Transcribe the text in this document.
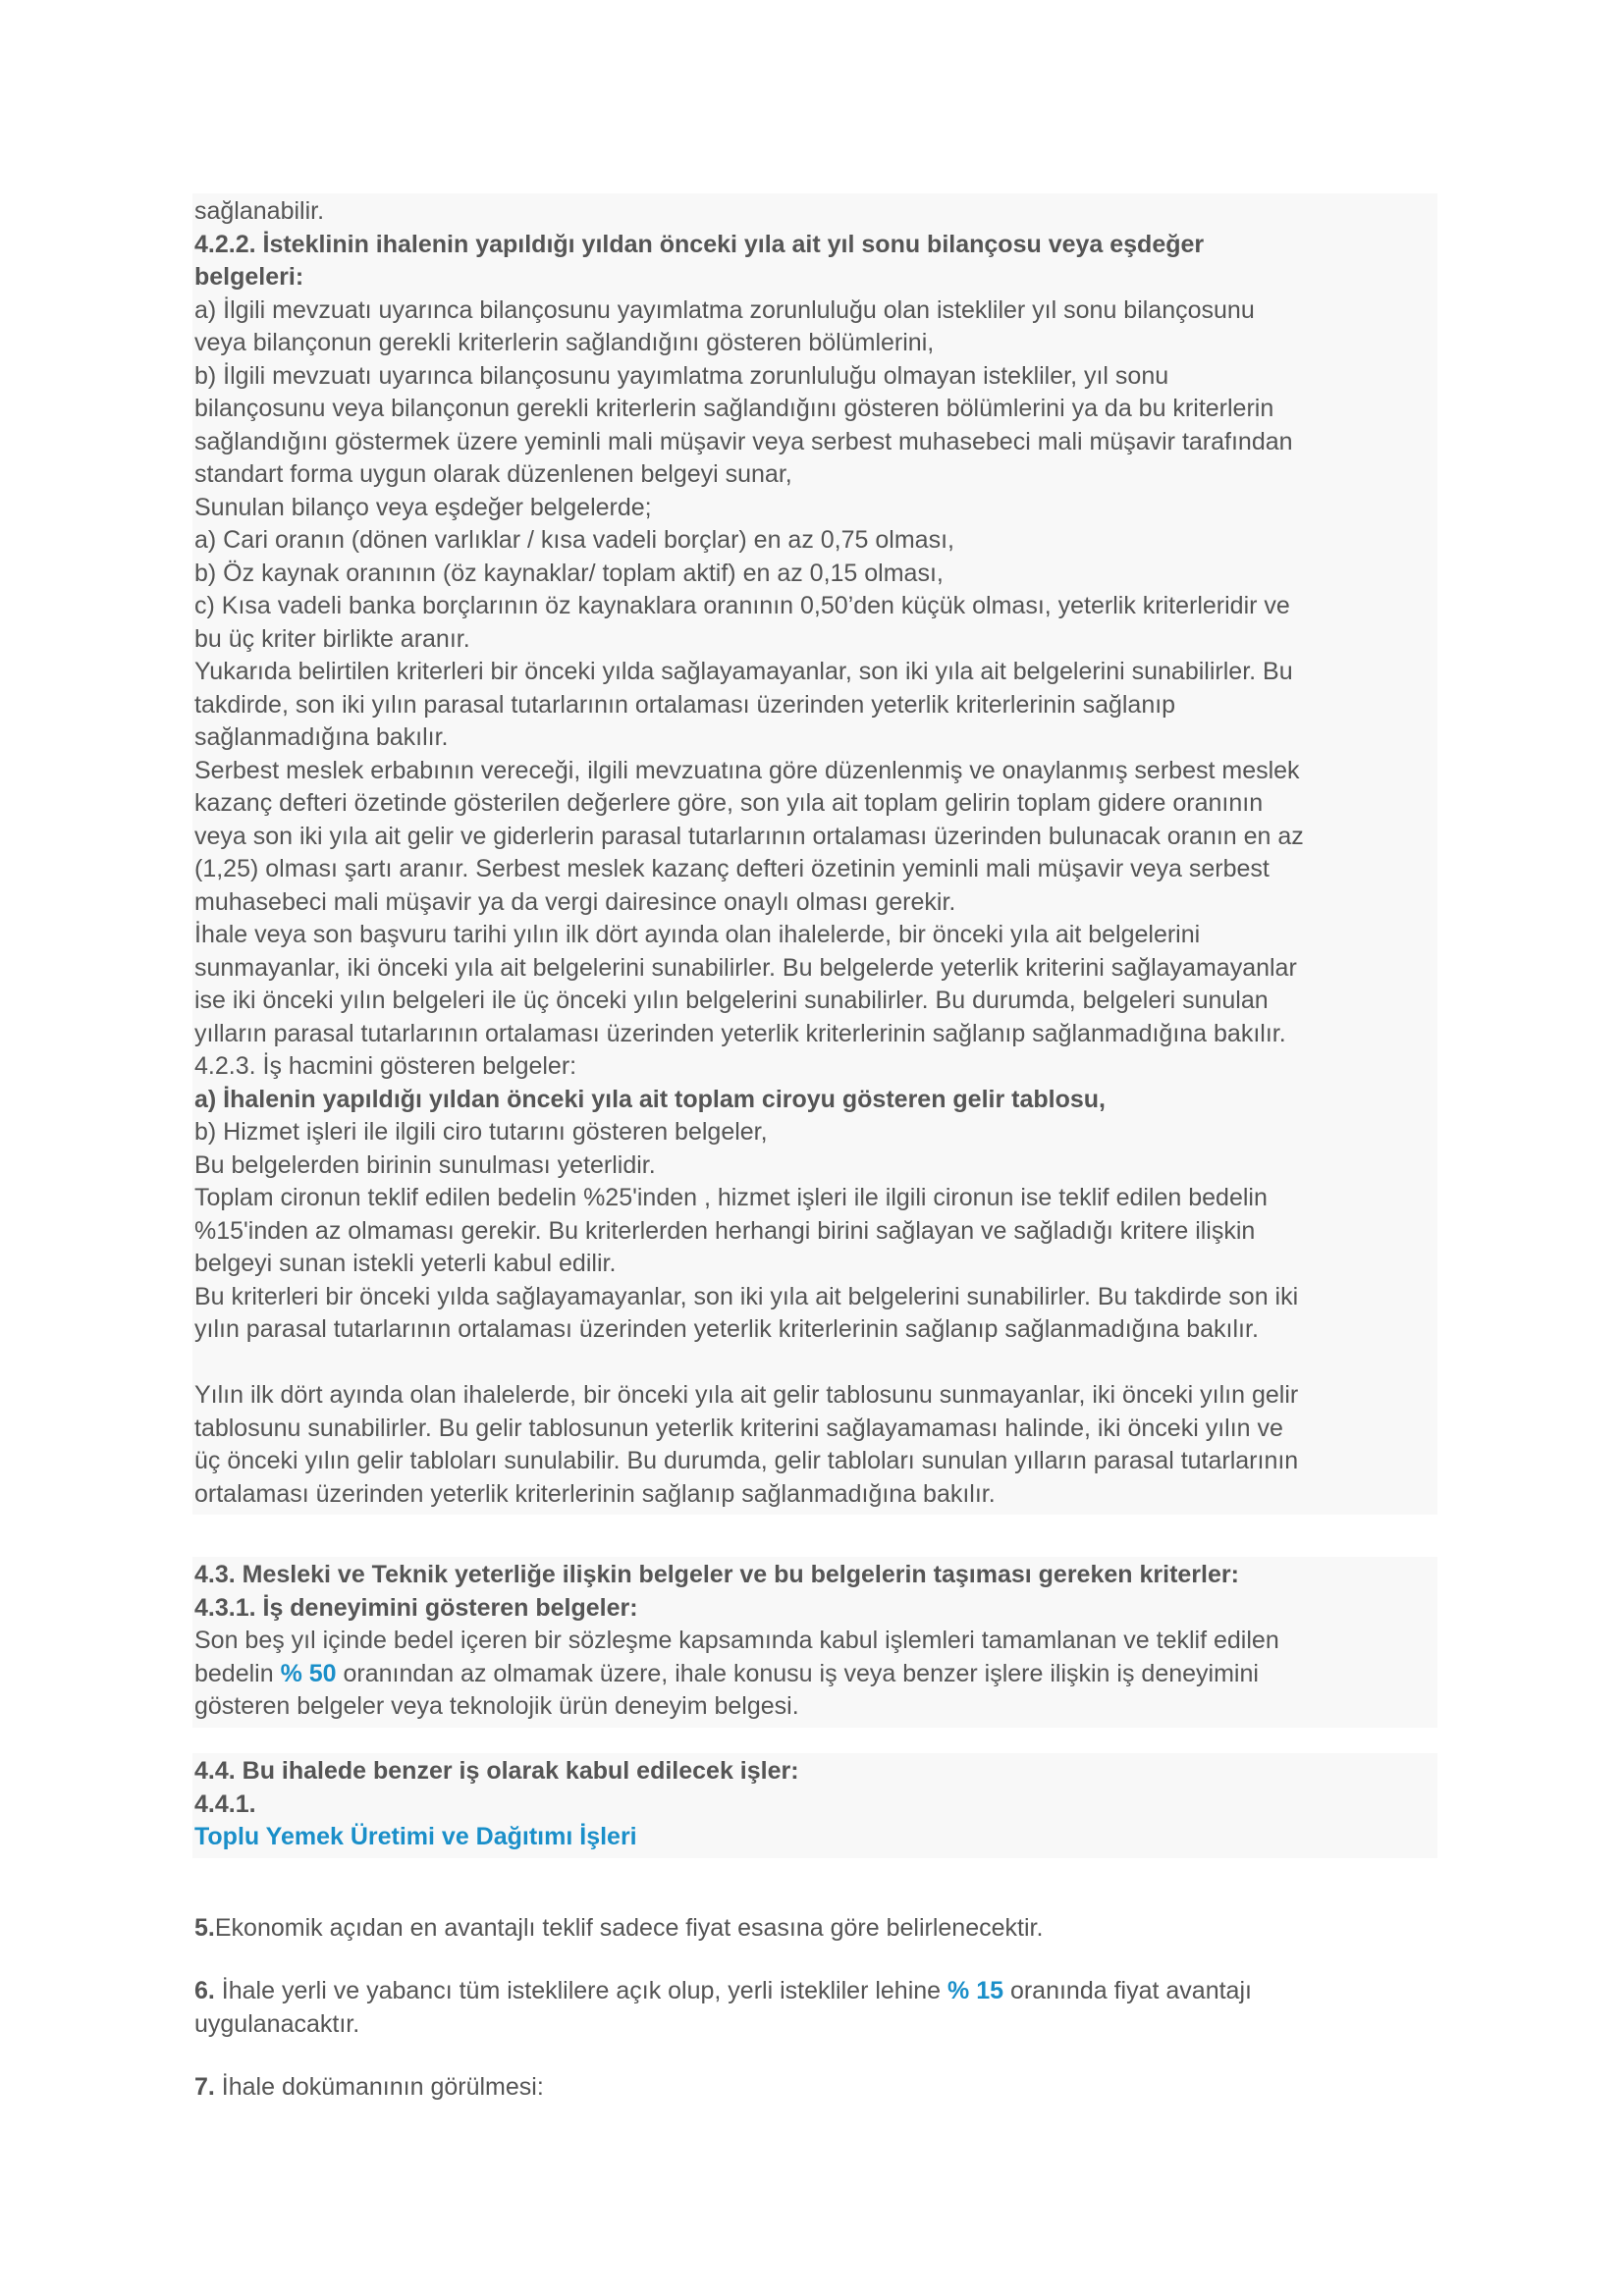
sağlanabilir.
4.2.2. İsteklinin ihalenin yapıldığı yıldan önceki yıla ait yıl sonu bilançosu veya eşdeğer
belgeleri:
a) İlgili mevzuatı uyarınca bilançosunu yayımlatma zorunluluğu olan istekliler yıl sonu bilançosunu
veya bilançonun gerekli kriterlerin sağlandığını gösteren bölümlerini,
b) İlgili mevzuatı uyarınca bilançosunu yayımlatma zorunluluğu olmayan istekliler, yıl sonu
bilançosunu veya bilançonun gerekli kriterlerin sağlandığını gösteren bölümlerini ya da bu kriterlerin
sağlandığını göstermek üzere yeminli mali müşavir veya serbest muhasebeci mali müşavir tarafından
standart forma uygun olarak düzenlenen belgeyi sunar,
Sunulan bilanço veya eşdeğer belgelerde;
a) Cari oranın (dönen varlıklar / kısa vadeli borçlar) en az 0,75 olması,
b) Öz kaynak oranının (öz kaynaklar/ toplam aktif) en az 0,15 olması,
c) Kısa vadeli banka borçlarının öz kaynaklara oranının 0,50’den küçük olması, yeterlik kriterleridir ve
bu üç kriter birlikte aranır.
Yukarıda belirtilen kriterleri bir önceki yılda sağlayamayanlar, son iki yıla ait belgelerini sunabilirler. Bu
takdirde, son iki yılın parasal tutarlarının ortalaması üzerinden yeterlik kriterlerinin sağlanıp
sağlanmadığına bakılır.
Serbest meslek erbabının vereceği, ilgili mevzuatına göre düzenlenmiş ve onaylanmış serbest meslek
kazanç defteri özetinde gösterilen değerlere göre, son yıla ait toplam gelirin toplam gidere oranının
veya son iki yıla ait gelir ve giderlerin parasal tutarlarının ortalaması üzerinden bulunacak oranın en az
(1,25) olması şartı aranır. Serbest meslek kazanç defteri özetinin yeminli mali müşavir veya serbest
muhasebeci mali müşavir ya da vergi dairesince onaylı olması gerekir.
İhale veya son başvuru tarihi yılın ilk dört ayında olan ihalelerde, bir önceki yıla ait belgelerini
sunmayanlar, iki önceki yıla ait belgelerini sunabilirler. Bu belgelerde yeterlik kriterini sağlayamayanlar
ise iki önceki yılın belgeleri ile üç önceki yılın belgelerini sunabilirler. Bu durumda, belgeleri sunulan
yılların parasal tutarlarının ortalaması üzerinden yeterlik kriterlerinin sağlanıp sağlanmadığına bakılır.
4.2.3. İş hacmini gösteren belgeler:
a) İhalenin yapıldığı yıldan önceki yıla ait toplam ciroyu gösteren gelir tablosu,
b) Hizmet işleri ile ilgili ciro tutarını gösteren belgeler,
Bu belgelerden birinin sunulması yeterlidir.
Toplam cironun teklif edilen bedelin %25'inden , hizmet işleri ile ilgili cironun ise teklif edilen bedelin
%15'inden az olmaması gerekir. Bu kriterlerden herhangi birini sağlayan ve sağladığı kritere ilişkin
belgeyi sunan istekli yeterli kabul edilir.
Bu kriterleri bir önceki yılda sağlayamayanlar, son iki yıla ait belgelerini sunabilirler. Bu takdirde son iki
yılın parasal tutarlarının ortalaması üzerinden yeterlik kriterlerinin sağlanıp sağlanmadığına bakılır.

Yılın ilk dört ayında olan ihalelerde, bir önceki yıla ait gelir tablosunu sunmayanlar, iki önceki yılın gelir
tablosunu sunabilirler. Bu gelir tablosunun yeterlik kriterini sağlayamaması halinde, iki önceki yılın ve
üç önceki yılın gelir tabloları sunulabilir. Bu durumda, gelir tabloları sunulan yılların parasal tutarlarının
ortalaması üzerinden yeterlik kriterlerinin sağlanıp sağlanmadığına bakılır.
4.3. Mesleki ve Teknik yeterliğe ilişkin belgeler ve bu belgelerin taşıması gereken kriterler:
4.3.1. İş deneyimini gösteren belgeler:
Son beş yıl içinde bedel içeren bir sözleşme kapsamında kabul işlemleri tamamlanan ve teklif edilen
bedelin % 50 oranından az olmamak üzere, ihale konusu iş veya benzer işlere ilişkin iş deneyimini
gösteren belgeler veya teknolojik ürün deneyim belgesi.
4.4. Bu ihalede benzer iş olarak kabul edilecek işler:
4.4.1.
Toplu Yemek Üretimi ve Dağıtımı İşleri
5.Ekonomik açıdan en avantajlı teklif sadece fiyat esasına göre belirlenecektir.
6. İhale yerli ve yabancı tüm isteklilere açık olup, yerli istekliler lehine % 15 oranında fiyat avantajı
uygulanacaktır.
7. İhale dokümanının görülmesi:
